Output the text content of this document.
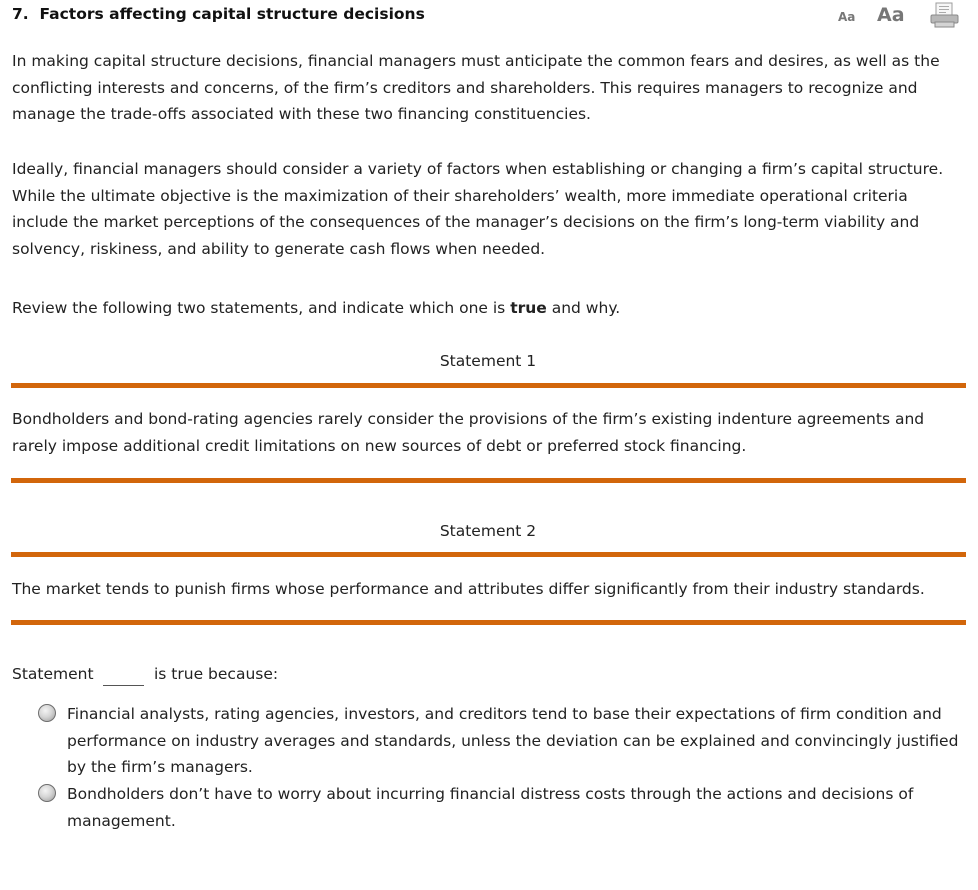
7. Factors affecting capital structure decisions	Aa Aa

In making capital structure decisions, financial managers must anticipate the common fears and desires, as well as the conflicting interests and concerns, of the firm’s creditors and shareholders. This requires managers to recognize and manage the trade-offs associated with these two financing constituencies.

Ideally, financial managers should consider a variety of factors when establishing or changing a firm’s capital structure. While the ultimate objective is the maximization of their shareholders’ wealth, more immediate operational criteria include the market perceptions of the consequences of the manager’s decisions on the firm’s long-term viability and solvency, riskiness, and ability to generate cash flows when needed.

Review the following two statements, and indicate which one is true and why.

Statement 1

Bondholders and bond-rating agencies rarely consider the provisions of the firm’s existing indenture agreements and rarely impose additional credit limitations on new sources of debt or preferred stock financing.

Statement 2

The market tends to punish firms whose performance and attributes differ significantly from their industry standards.

Statement	is true because:

Financial analysts, rating agencies, investors, and creditors tend to base their expectations of firm condition and performance on industry averages and standards, unless the deviation can be explained and convincingly justified by the firm’s managers.
Bondholders don’t have to worry about incurring financial distress costs through the actions and decisions of management.
